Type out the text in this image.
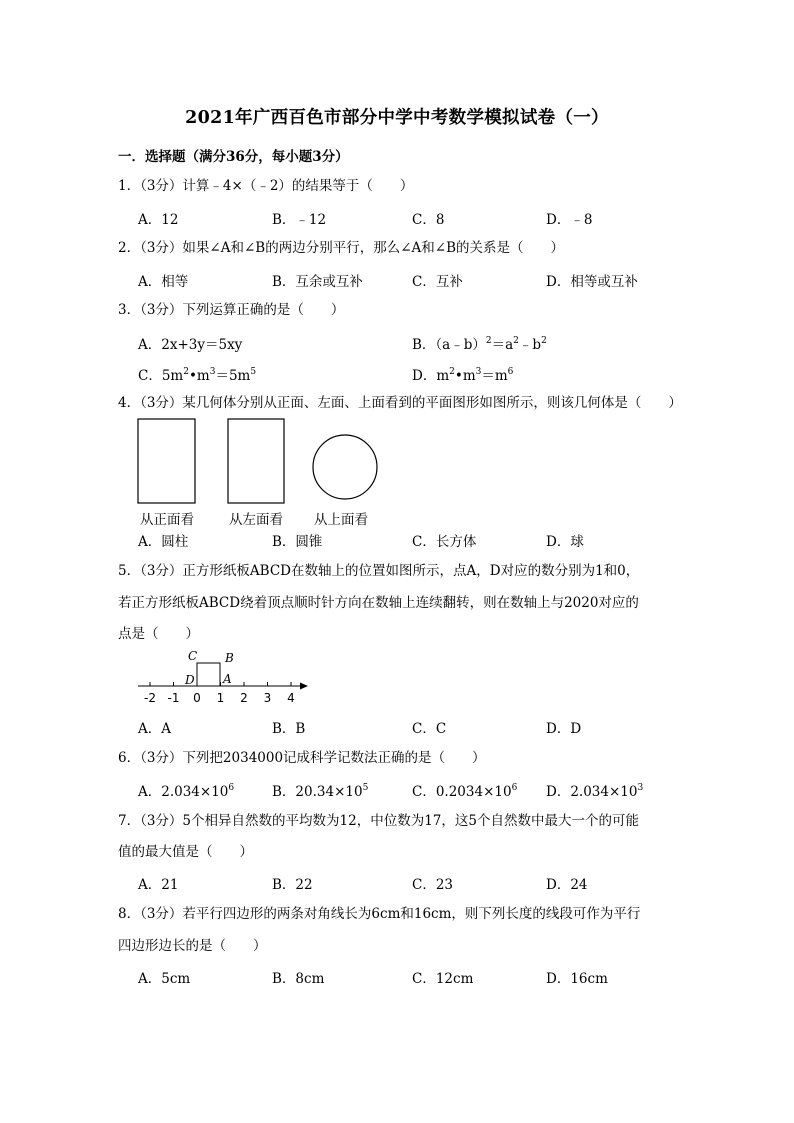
2021年广西百色市部分中学中考数学模拟试卷（一）
一．选择题（满分36分，每小题3分）
1．（3分）计算﹣4×（﹣2）的结果等于（　　）
A．12	B．﹣12	C．8	D．﹣8
2．（3分）如果∠A和∠B的两边分别平行，那么∠A和∠B的关系是（　　）
A．相等	B．互余或互补	C．互补	D．相等或互补
3．（3分）下列运算正确的是（　　）
A．2x+3y＝5xy	B．$(a﹣b)^2=a^2﹣b^2$
C．$5m^2•m^3=5m^5$	D．$m^2•m^3=m^6$
4．（3分）某几何体分别从正面、左面、上面看到的平面图形如图所示，则该几何体是（　　）
从正面看	从左面看 从上面看
A．圆柱	B．圆锥	C．长方体	D．球
5．（3分）正方形纸板ABCD在数轴上的位置如图所示，点A，D对应的数分别为1和0，
若正方形纸板ABCD绕着顶点顺时针方向在数轴上连续翻转，则在数轴上与2020对应的
点是（　　）
-2 -1 0 1 2 3 4
C B
D A
A．A	B．B	C．C	D．D
6．（3分）下列把2034000记成科学记数法正确的是（　　）
A．$2.034\times 10^6$	B．$20.34\times 10^5$	C．$0.2034\times 10^6$ D．$2.034\times 10^3$
7．（3分）5个相异自然数的平均数为12，中位数为17，这5个自然数中最大一个的可能
值的最大值是（　　）
A．21	B．22	C．23	D．24
8．（3分）若平行四边形的两条对角线长为6cm和16cm，则下列长度的线段可作为平行
四边形边长的是（　　）
A．5cm	B．8cm	C．12cm	D．16cm
